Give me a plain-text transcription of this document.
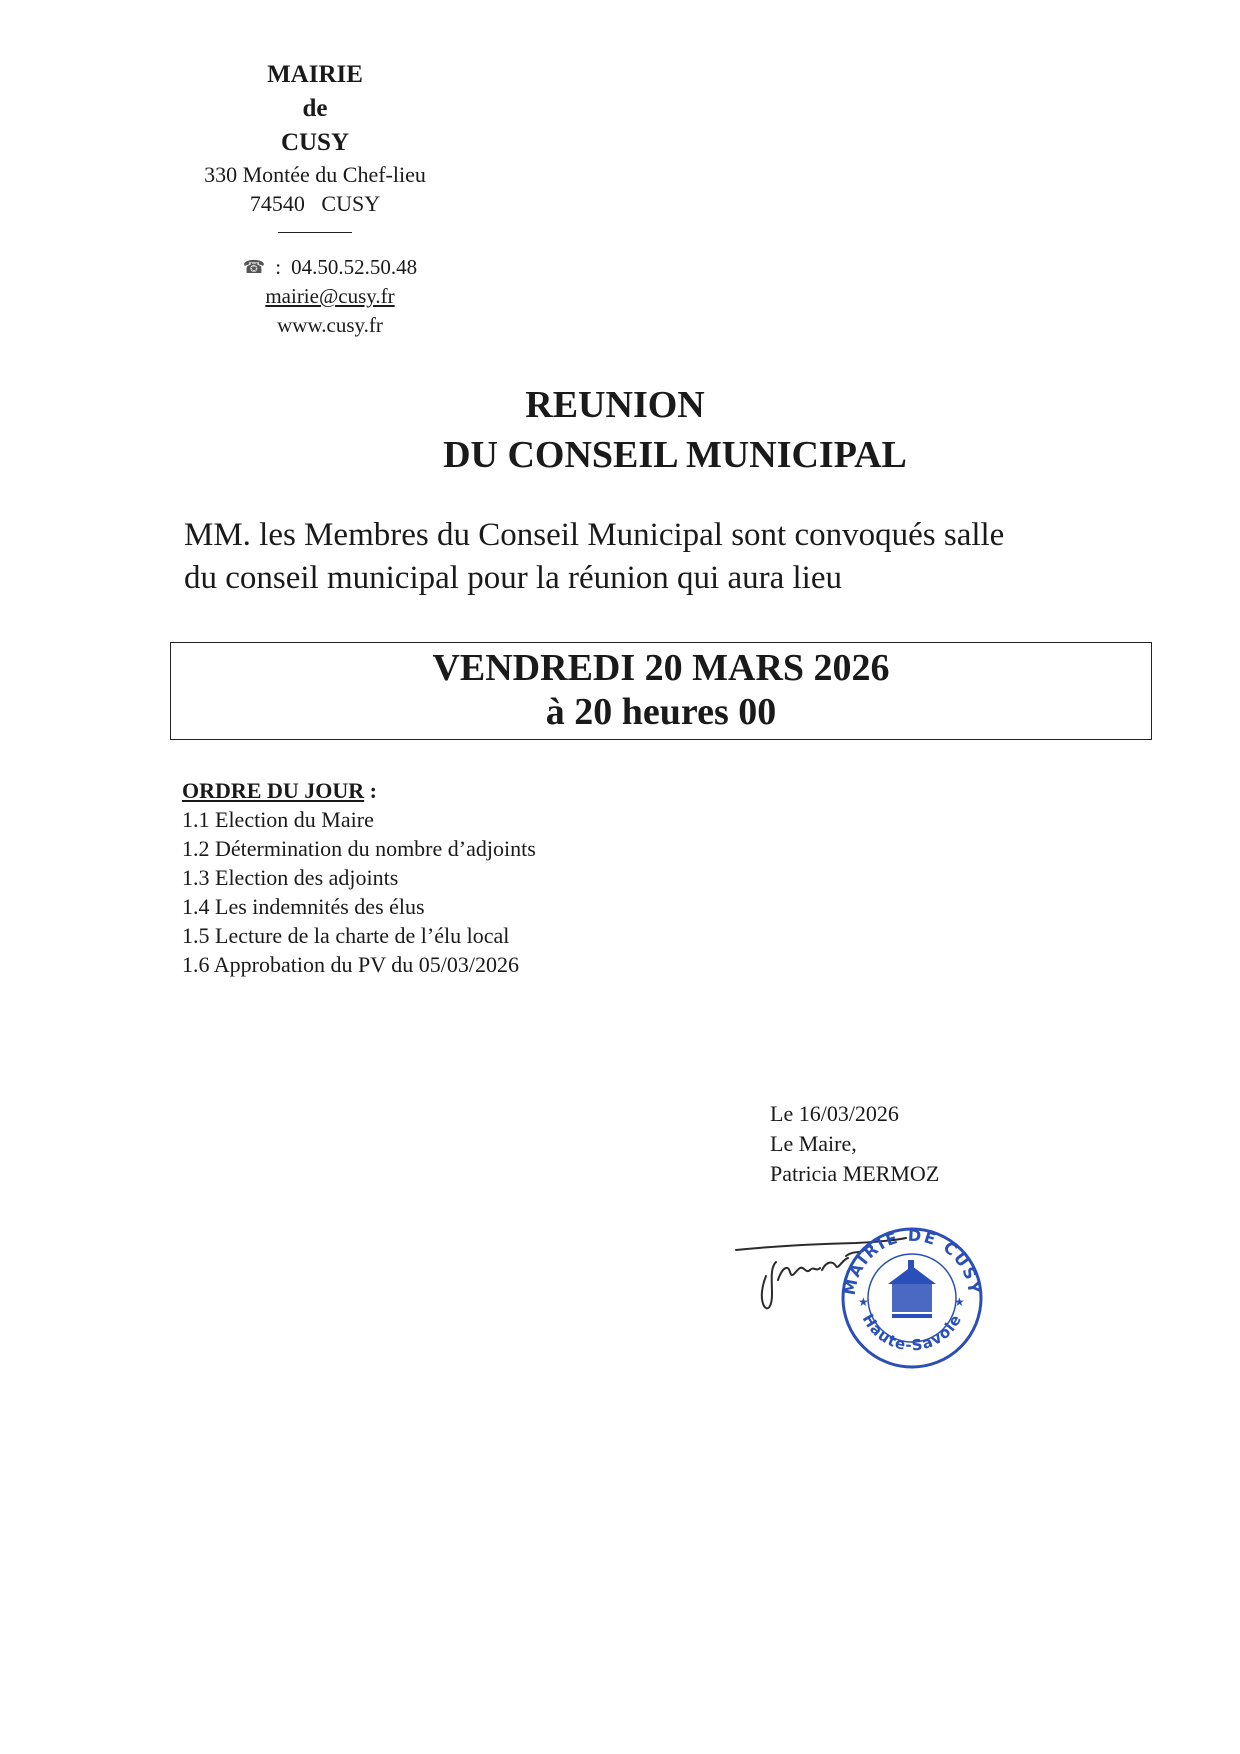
MAIRIE
de
CUSY
330 Montée du Chef-lieu
74540   CUSY
☎ : 04.50.52.50.48
mairie@cusy.fr
www.cusy.fr
REUNION
DU CONSEIL MUNICIPAL
MM. les Membres du Conseil Municipal sont convoqués salle
du conseil municipal pour la réunion qui aura lieu
VENDREDI 20 MARS 2026
à 20 heures 00
ORDRE DU JOUR :
1.1 Election du Maire
1.2 Détermination du nombre d’adjoints
1.3 Election des adjoints
1.4 Les indemnités des élus
1.5 Lecture de la charte de l’élu local
1.6 Approbation du PV du 05/03/2026
Le 16/03/2026
Le Maire,
Patricia MERMOZ
MAIRIE DE CUSY
Haute-Savoie
★	★
